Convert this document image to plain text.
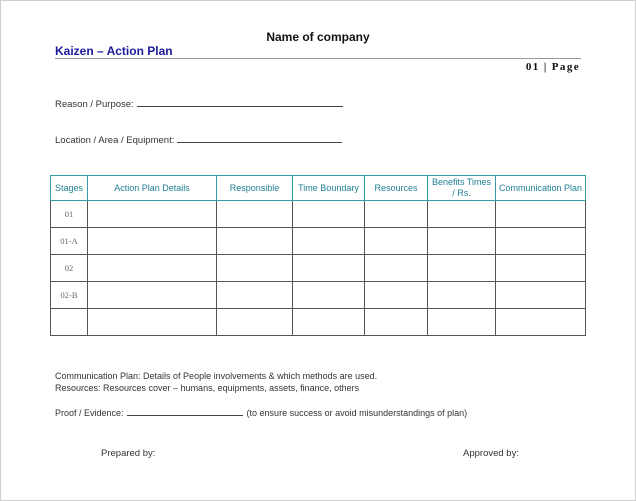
Name of company
Kaizen – Action Plan
01 | Page
Reason / Purpose:
Location / Area / Equipment:
Stages	Action Plan Details	Responsible	Time Boundary	Resources	Benefits Times / Rs.	Communication Plan
01						
01-A						
02						
02-B						

Communication Plan: Details of People involvements & which methods are used.
Resources: Resources cover – humans, equipments, assets, finance, others
Proof / Evidence:	(to ensure success or avoid misunderstandings of plan)
Prepared by:	Approved by:
